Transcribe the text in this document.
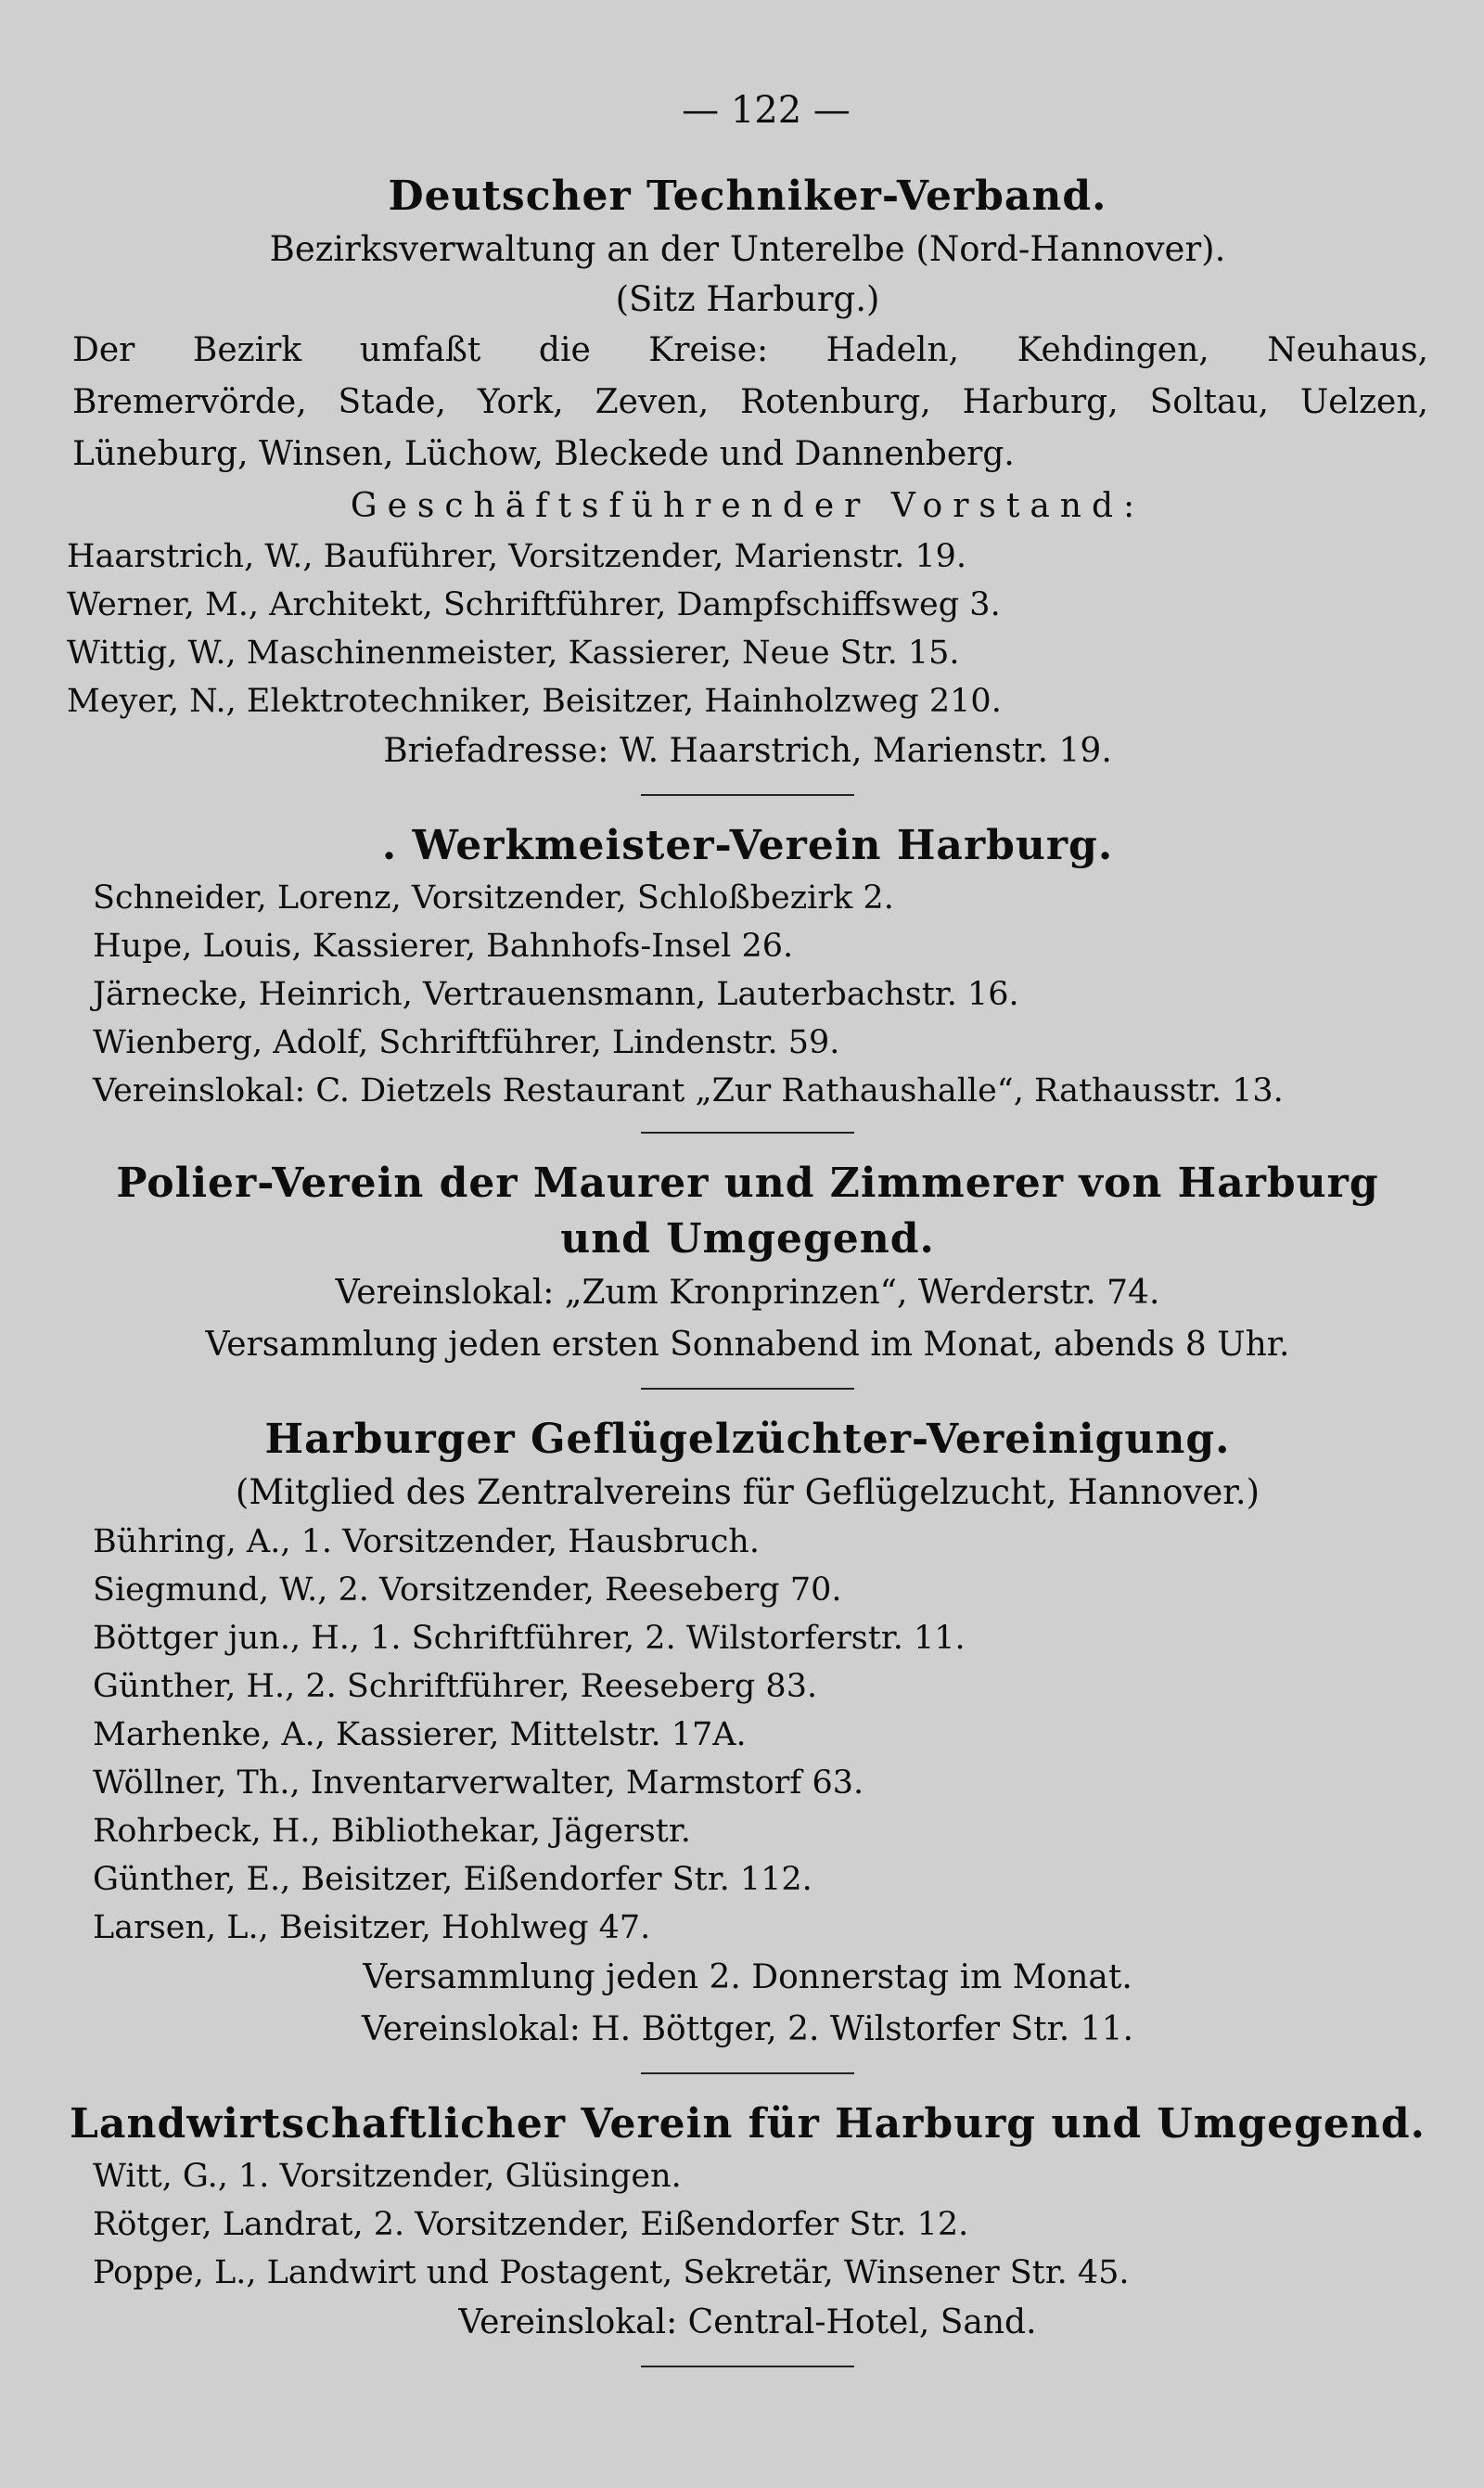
— 122 —
Deutscher Techniker-Verband.
Bezirksverwaltung an der Unterelbe (Nord-Hannover).
(Sitz Harburg.)
Der Bezirk umfaßt die Kreise: Hadeln, Kehdingen, Neuhaus,
Bremervörde, Stade, York, Zeven, Rotenburg, Harburg, Soltau, Uelzen,
Lüneburg, Winsen, Lüchow, Bleckede und Dannenberg.
Geschäftsführender Vorstand:
Haarstrich, W., Bauführer, Vorsitzender, Marienstr. 19.
Werner, M., Architekt, Schriftführer, Dampfschiffsweg 3.
Wittig, W., Maschinenmeister, Kassierer, Neue Str. 15.
Meyer, N., Elektrotechniker, Beisitzer, Hainholzweg 210.
Briefadresse: W. Haarstrich, Marienstr. 19.
. Werkmeister-Verein Harburg.
Schneider, Lorenz, Vorsitzender, Schloßbezirk 2.
Hupe, Louis, Kassierer, Bahnhofs-Insel 26.
Järnecke, Heinrich, Vertrauensmann, Lauterbachstr. 16.
Wienberg, Adolf, Schriftführer, Lindenstr. 59.
Vereinslokal: C. Dietzels Restaurant „Zur Rathaushalle“, Rathausstr. 13.
Polier-Verein der Maurer und Zimmerer von Harburg
und Umgegend.
Vereinslokal: „Zum Kronprinzen“, Werderstr. 74.
Versammlung jeden ersten Sonnabend im Monat, abends 8 Uhr.
Harburger Geflügelzüchter-Vereinigung.
(Mitglied des Zentralvereins für Geflügelzucht, Hannover.)
Bühring, A., 1. Vorsitzender, Hausbruch.
Siegmund, W., 2. Vorsitzender, Reeseberg 70.
Böttger jun., H., 1. Schriftführer, 2. Wilstorferstr. 11.
Günther, H., 2. Schriftführer, Reeseberg 83.
Marhenke, A., Kassierer, Mittelstr. 17A.
Wöllner, Th., Inventarverwalter, Marmstorf 63.
Rohrbeck, H., Bibliothekar, Jägerstr.
Günther, E., Beisitzer, Eißendorfer Str. 112.
Larsen, L., Beisitzer, Hohlweg 47.
Versammlung jeden 2. Donnerstag im Monat.
Vereinslokal: H. Böttger, 2. Wilstorfer Str. 11.
Landwirtschaftlicher Verein für Harburg und Umgegend.
Witt, G., 1. Vorsitzender, Glüsingen.
Rötger, Landrat, 2. Vorsitzender, Eißendorfer Str. 12.
Poppe, L., Landwirt und Postagent, Sekretär, Winsener Str. 45.
Vereinslokal: Central-Hotel, Sand.
